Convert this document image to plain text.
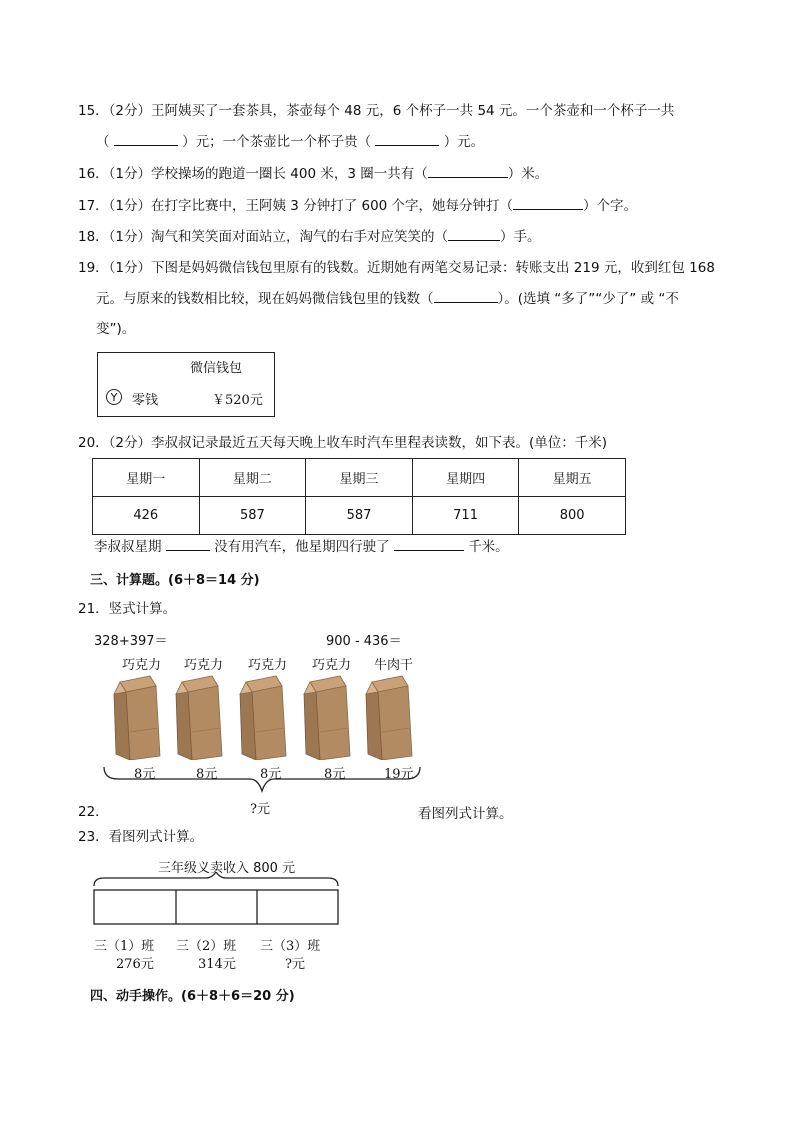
15．（2分）王阿姨买了一套茶具，茶壶每个 48 元，6 个杯子一共 54 元。一个茶壶和一个杯子一共
（	）元；一个茶壶比一个杯子贵（	）元。
16．（1分）学校操场的跑道一圈长 400 米，3 圈一共有（	）米。
17．（1分）在打字比赛中，王阿姨 3 分钟打了 600 个字，她每分钟打（	）个字。
18．（1分）淘气和笑笑面对面站立，淘气的右手对应笑笑的（	）手。
19．（1分）下图是妈妈微信钱包里原有的钱数。近期她有两笔交易记录：转账支出 219 元，收到红包 168
元。与原来的钱数相比较，现在妈妈微信钱包里的钱数（	）。(选填 “多了”“少了” 或 “不
变”)。
微信钱包
Y	零钱	￥520元
20．（2分）李叔叔记录最近五天每天晚上收车时汽车里程表读数，如下表。(单位：千米)
星期一	星期二	星期三	星期四	星期五
426	587	587	711	800
李叔叔星期	没有用汽车，他星期四行驶了	千米。
三、计算题。(6＋8＝14 分)
21．竖式计算。
328+397＝	900 - 436＝
巧克力
8元
巧克力
8元
巧克力
8元
巧克力
8元
牛肉干
19元
?元
22．	看图列式计算。
23．看图列式计算。
三年级义卖收入 800 元
三（1）班
276元
三（2）班
314元
三（3）班
?元
四、动手操作。(6＋8＋6＝20 分)
